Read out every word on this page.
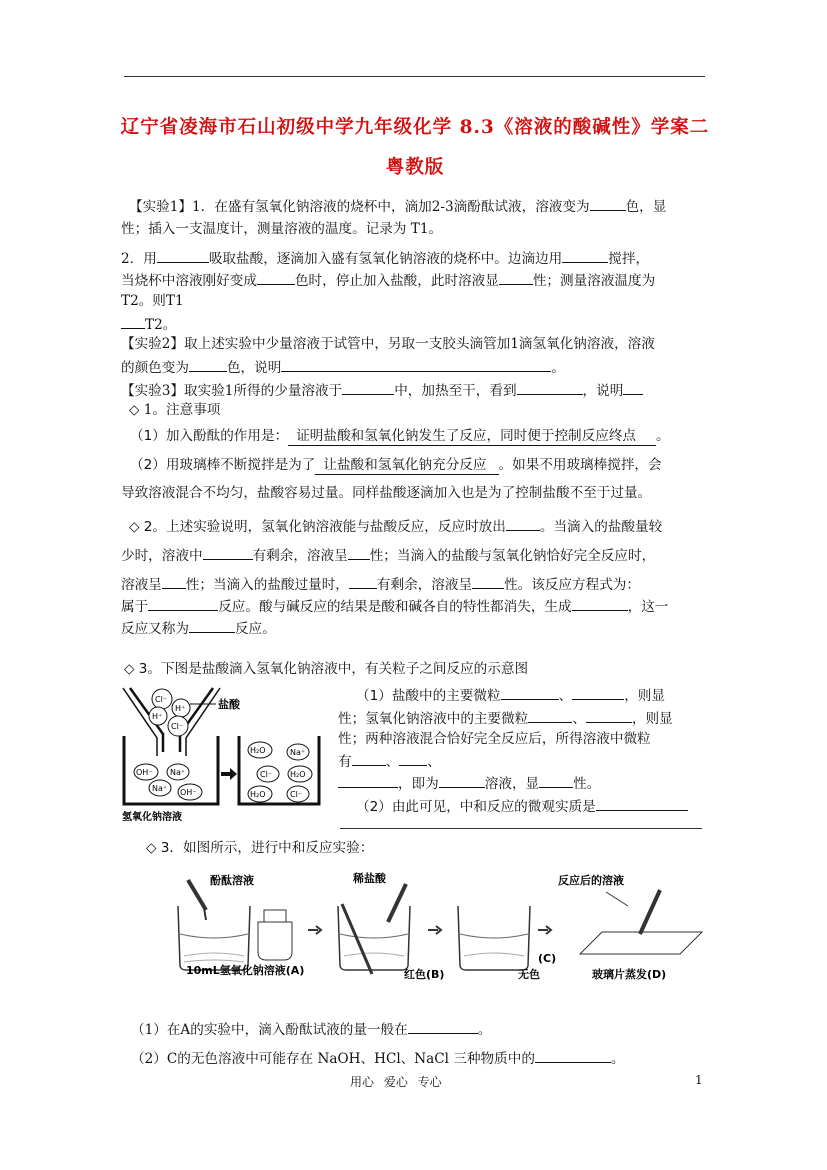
辽宁省凌海市石山初级中学九年级化学 8.3《溶液的酸碱性》学案二
粤教版
【实验1】1．在盛有氢氧化钠溶液的烧杯中，滴加2-3滴酚酞试液，溶液变为	色，显
性；插入一支温度计，测量溶液的温度。记录为 T1。
2．用	吸取盐酸，逐滴加入盛有氢氧化钠溶液的烧杯中。边滴边用	搅拌，
当烧杯中溶液刚好变成	色时，停止加入盐酸，此时溶液显	性；测量溶液温度为
T2。则T1
T2。
【实验2】取上述实验中少量溶液于试管中，另取一支胶头滴管加1滴氢氧化钠溶液，溶液
的颜色变为	色，说明	。
【实验3】取实验1所得的少量溶液于	中，加热至干，看到	，说明
◇ 1。注意事项
（1）加入酚酞的作用是： 证明盐酸和氢氧化钠发生了反应，同时便于控制反应终点 。
（2）用玻璃棒不断搅拌是为了 让盐酸和氢氧化钠充分反应 。如果不用玻璃棒搅拌，会
导致溶液混合不均匀，盐酸容易过量。同样盐酸逐滴加入也是为了控制盐酸不至于过量。
◇ 2。上述实验说明，氢氧化钠溶液能与盐酸反应，反应时放出	。当滴入的盐酸量较
少时，溶液中	有剩余，溶液呈 性；当滴入的盐酸与氢氧化钠恰好完全反应时，
溶液呈 性；当滴入的盐酸过量时， 有剩余，溶液呈 性。该反应方程式为：
属于	反应。酸与碱反应的结果是酸和碱各自的特性都消失，生成	，这一
反应又称为	反应。
◇ 3。下图是盐酸滴入氢氧化钠溶液中，有关粒子之间反应的示意图
Cl⁻
H⁺
H⁺
Cl⁻
盐酸
OH⁻ Na⁺
Na⁺ OH⁻
氢氧化钠溶液
H₂O	Na⁺
Cl⁻ H₂O
H₂O	Cl⁻
（1）盐酸中的主要微粒	、	，则显
性；氢氧化钠溶液中的主要微粒	、	，则显
性；两种溶液混合恰好完全反应后，所得溶液中微粒
有	、 、
，即为	溶液，显	性。
（2）由此可见，中和反应的微观实质是
◇ 3．如图所示，进行中和反应实验：
酚酞溶液	稀盐酸	反应后的溶液
(C)
10mL氢氧化钠溶液(A)	红色(B)	无色	玻璃片蒸发(D)
（1）在A的实验中，滴入酚酞试液的量一般在	。
（2）C的无色溶液中可能存在 NaOH、HCl、NaCl 三种物质中的	。
用心 爱心 专心	1
